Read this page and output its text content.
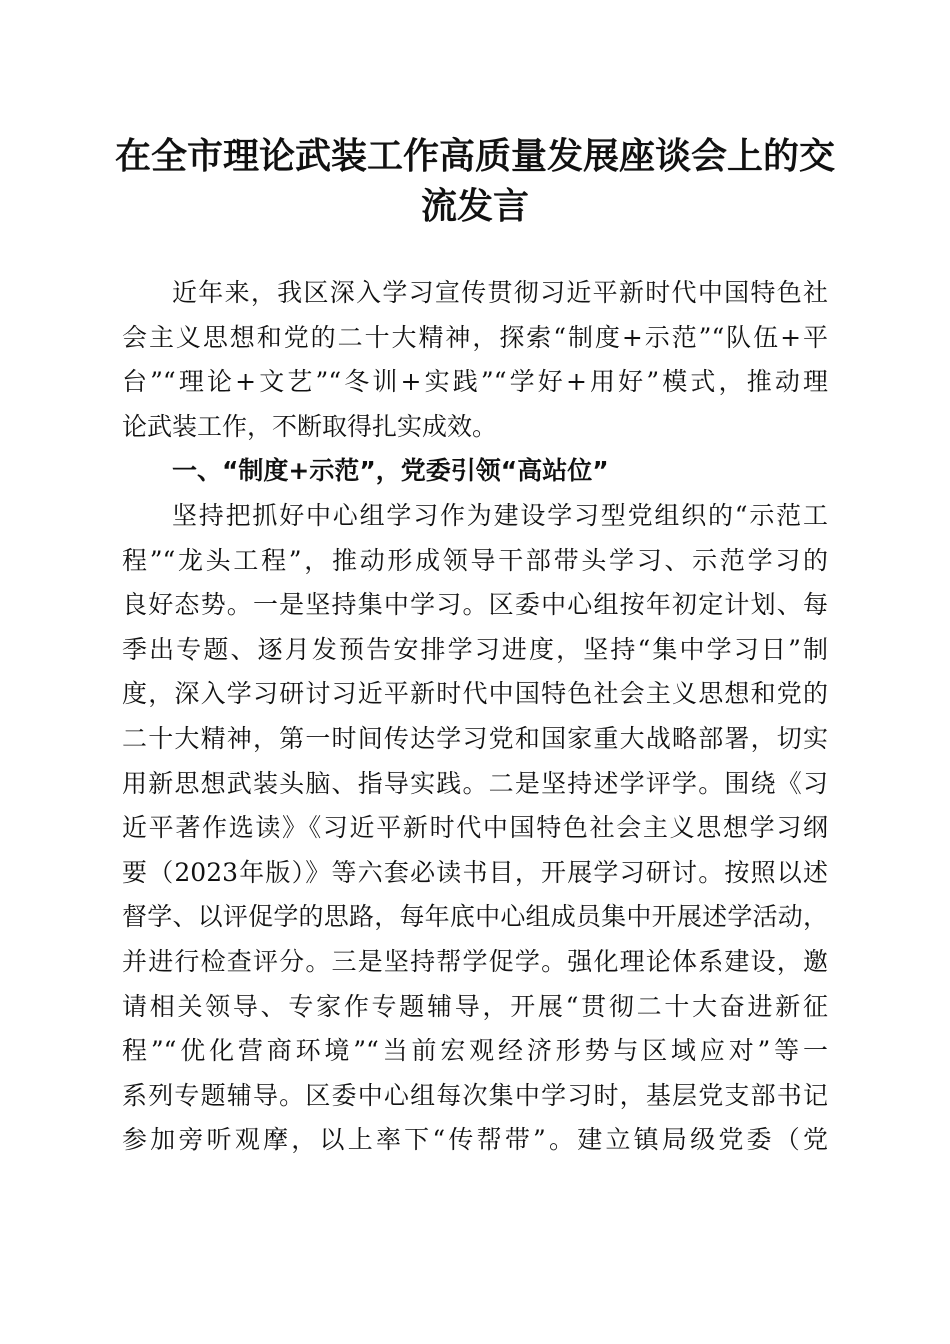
在全市理论武装工作高质量发展座谈会上的交
流发言
近年来，我区深入学习宣传贯彻习近平新时代中国特色社
会主义思想和党的二十大精神，探索“制度+示范”“队伍+平
台”“理论+文艺”“冬训+实践”“学好+用好”模式，推动理
论武装工作，不断取得扎实成效。
一、“制度+示范”，党委引领“高站位”
坚持把抓好中心组学习作为建设学习型党组织的“示范工
程”“龙头工程”，推动形成领导干部带头学习、示范学习的
良好态势。一是坚持集中学习。区委中心组按年初定计划、每
季出专题、逐月发预告安排学习进度，坚持“集中学习日”制
度，深入学习研讨习近平新时代中国特色社会主义思想和党的
二十大精神，第一时间传达学习党和国家重大战略部署，切实
用新思想武装头脑、指导实践。二是坚持述学评学。围绕《习
近平著作选读》《习近平新时代中国特色社会主义思想学习纲
要（2023年版）》等六套必读书目，开展学习研讨。按照以述
督学、以评促学的思路，每年底中心组成员集中开展述学活动，
并进行检查评分。三是坚持帮学促学。强化理论体系建设，邀
请相关领导、专家作专题辅导，开展“贯彻二十大奋进新征
程”“优化营商环境”“当前宏观经济形势与区域应对”等一
系列专题辅导。区委中心组每次集中学习时，基层党支部书记
参加旁听观摩，以上率下“传帮带”。建立镇局级党委（党
